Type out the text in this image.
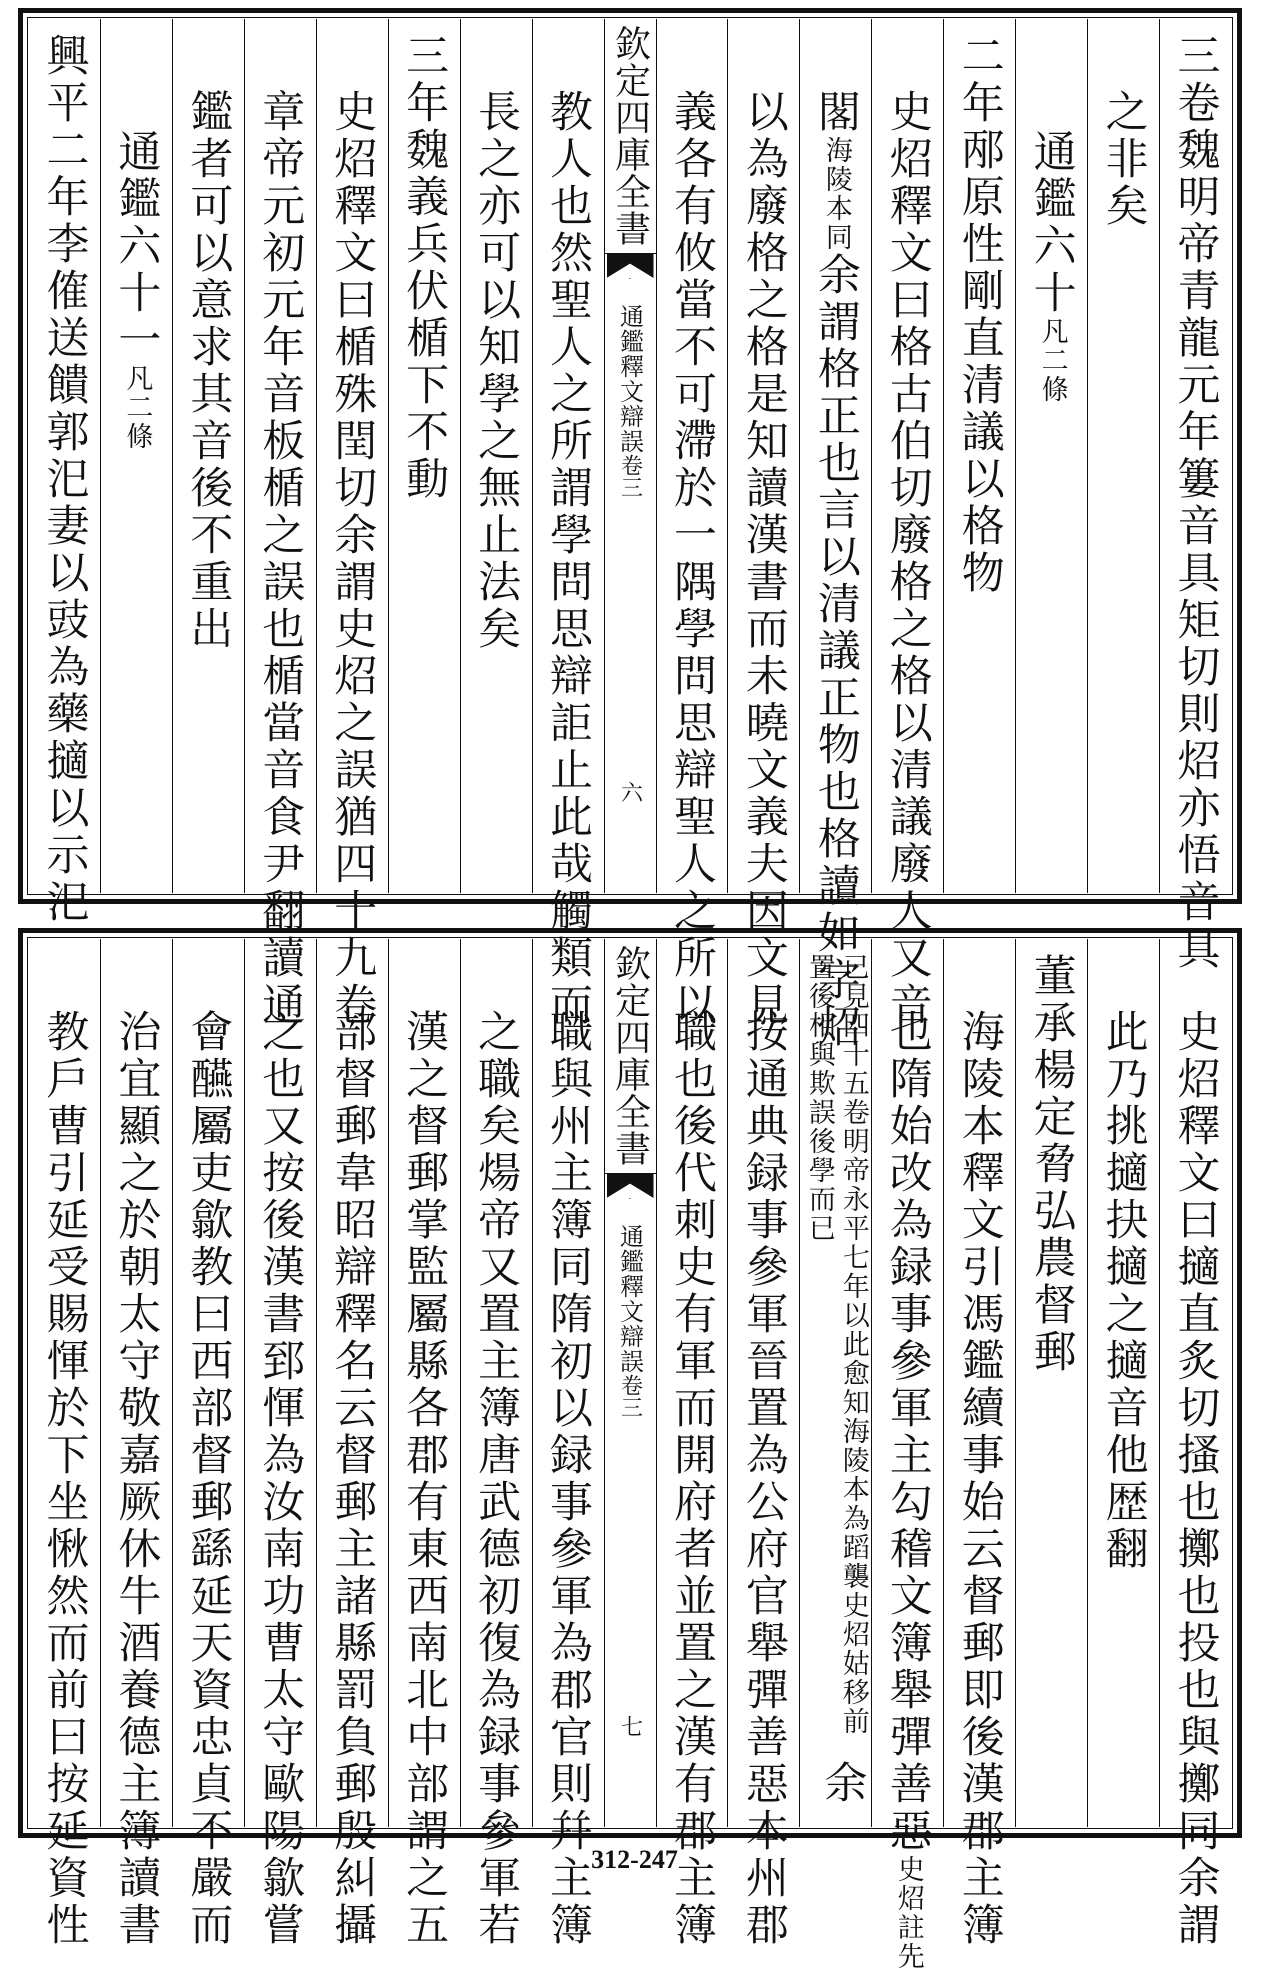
三卷魏明帝青龍元年簍音具矩切則炤亦悟音具
之非矣
通鑑六十凡二條
二年邴原性剛直清議以格物
史炤釋文曰格古伯切廢格之格以清議廢人又音
閣海陵本同余謂格正也言以清議正物也格讀如字炤
以為廢格之格是知讀漢書而未曉文義夫因文見
義各有攸當不可滯於一隅學問思辯聖人之所以
欽定四庫全書
通鑑釋文辯誤
卷三
六
教人也然聖人之所謂學問思辯詎止此哉觸類而
長之亦可以知學之無止法矣
三年魏義兵伏楯下不動
史炤釋文曰楯殊閏切余謂史炤之誤猶四十九卷
章帝元初元年音板楯之誤也楯當音食尹翻讀通
鑑者可以意求其音後不重出
通鑑六十一凡二條
興平二年李傕送饋郭汜妻以豉為藥擿以示汜
史炤釋文曰擿直炙切搔也擲也投也與擲同余謂
此乃挑擿抉擿之擿音他歴翻
董承楊定脅弘農督郵
海陵本釋文引馮鑑續事始云督郵即後漢郡主簿
也隋始改為録事參軍主勾稽文簿舉彈善惡史炤註先
已見四十五卷明帝永平七年以此愈知海陵本為蹈襲史炤姑移前置後相與欺誤後學而已
余
按通典録事參軍晉置為公府官舉彈善惡本州郡
職也後代刺史有軍而開府者並置之漢有郡主簿
欽定四庫全書
通鑑釋文辯誤
卷三
七
職與州主簿同隋初以録事參軍為郡官則幷主簿
之職矣煬帝又置主簿唐武德初復為録事參軍若
漢之督郵掌監屬縣各郡有東西南北中部謂之五
部督郵韋昭辯釋名云督郵主諸縣罰負郵殷糾攝
之也又按後漢書郅惲為汝南功曹太守歐陽歙嘗
會醼屬吏歙教曰西部督郵繇延天資忠貞不嚴而
治宜顯之於朝太守敬嘉厥休牛酒養德主簿讀書
教戶曹引延受賜惲於下坐愀然而前曰按延資性	312-247
